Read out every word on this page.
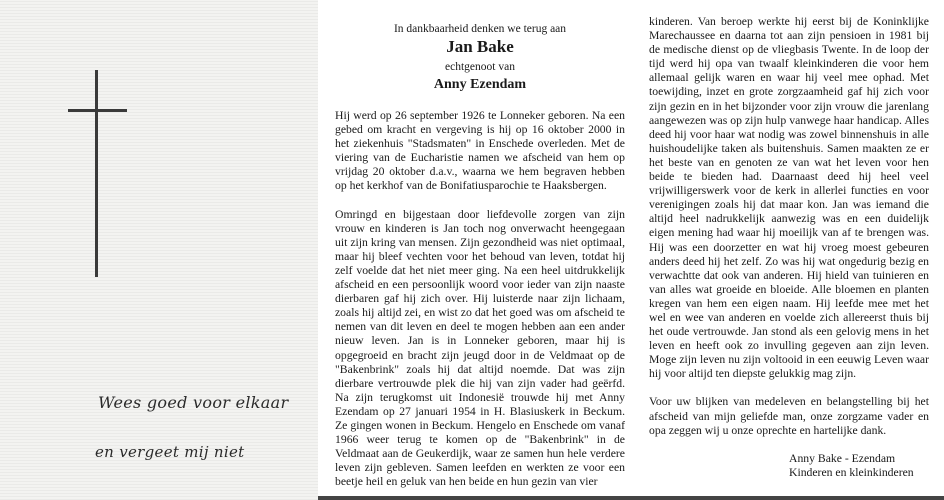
Wees goed voor elkaar
en vergeet mij niet
In dankbaarheid denken we terug aan
Jan Bake
echtgenoot van
Anny Ezendam

Hij werd op 26 september 1926 te Lonneker geboren. Na een gebed om kracht en vergeving is hij op 16 oktober 2000 in het ziekenhuis "Stadsmaten" in Enschede overleden. Met de viering van de Eucharistie namen we afscheid van hem op vrijdag 20 oktober d.a.v., waarna we hem begraven hebben op het kerkhof van de Bonifatiusparochie te Haaksbergen.

Omringd en bijgestaan door liefdevolle zorgen van zijn vrouw en kinderen is Jan toch nog onverwacht heengegaan uit zijn kring van mensen. Zijn gezondheid was niet optimaal, maar hij bleef vechten voor het behoud van leven, totdat hij zelf voelde dat het niet meer ging. Na een heel uitdrukkelijk afscheid en een persoonlijk woord voor ieder van zijn naaste dierbaren gaf hij zich over. Hij luisterde naar zijn lichaam, zoals hij altijd zei, en wist zo dat het goed was om afscheid te nemen van dit leven en deel te mogen hebben aan een ander nieuw leven. Jan is in Lonneker geboren, maar hij is opgegroeid en bracht zijn jeugd door in de Veldmaat op de "Bakenbrink" zoals hij dat altijd noemde. Dat was zijn dierbare vertrouwde plek die hij van zijn vader had geërfd. Na zijn terugkomst uit Indonesië trouwde hij met Anny Ezendam op 27 januari 1954 in H. Blasiuskerk in Beckum. Ze gingen wonen in Beckum. Hengelo en Enschede om vanaf 1966 weer terug te komen op de "Bakenbrink" in de Veldmaat aan de Geukerdijk, waar ze samen hun hele verdere leven zijn gebleven. Samen leefden en werkten ze voor een beetje heil en geluk van hen beide en hun gezin van vier

kinderen. Van beroep werkte hij eerst bij de Koninklijke Marechaussee en daarna tot aan zijn pensioen in 1981 bij de medische dienst op de vliegbasis Twente. In de loop der tijd werd hij opa van twaalf kleinkinderen die voor hem allemaal gelijk waren en waar hij veel mee ophad. Met toewijding, inzet en grote zorgzaamheid gaf hij zich voor zijn gezin en in het bijzonder voor zijn vrouw die jarenlang aangewezen was op zijn hulp vanwege haar handicap. Alles deed hij voor haar wat nodig was zowel binnenshuis in alle huishoudelijke taken als buitenshuis. Samen maakten ze er het beste van en genoten ze van wat het leven voor hen beide te bieden had. Daarnaast deed hij heel veel vrijwilligerswerk voor de kerk in allerlei functies en voor verenigingen zoals hij dat maar kon. Jan was iemand die altijd heel nadrukkelijk aanwezig was en een duidelijk eigen mening had waar hij moeilijk van af te brengen was. Hij was een doorzetter en wat hij vroeg moest gebeuren anders deed hij het zelf. Zo was hij wat ongedurig bezig en verwachtte dat ook van anderen. Hij hield van tuinieren en van alles wat groeide en bloeide. Alle bloemen en planten kregen van hem een eigen naam. Hij leefde mee met het wel en wee van anderen en voelde zich allereerst thuis bij het oude vertrouwde. Jan stond als een gelovig mens in het leven en heeft ook zo invulling gegeven aan zijn leven. Moge zijn leven nu zijn voltooid in een eeuwig Leven waar hij voor altijd ten diepste gelukkig mag zijn.

Voor uw blijken van medeleven en belangstelling bij het afscheid van mijn geliefde man, onze zorgzame vader en opa zeggen wij u onze oprechte en hartelijke dank.

Anny Bake - Ezendam
Kinderen en kleinkinderen
